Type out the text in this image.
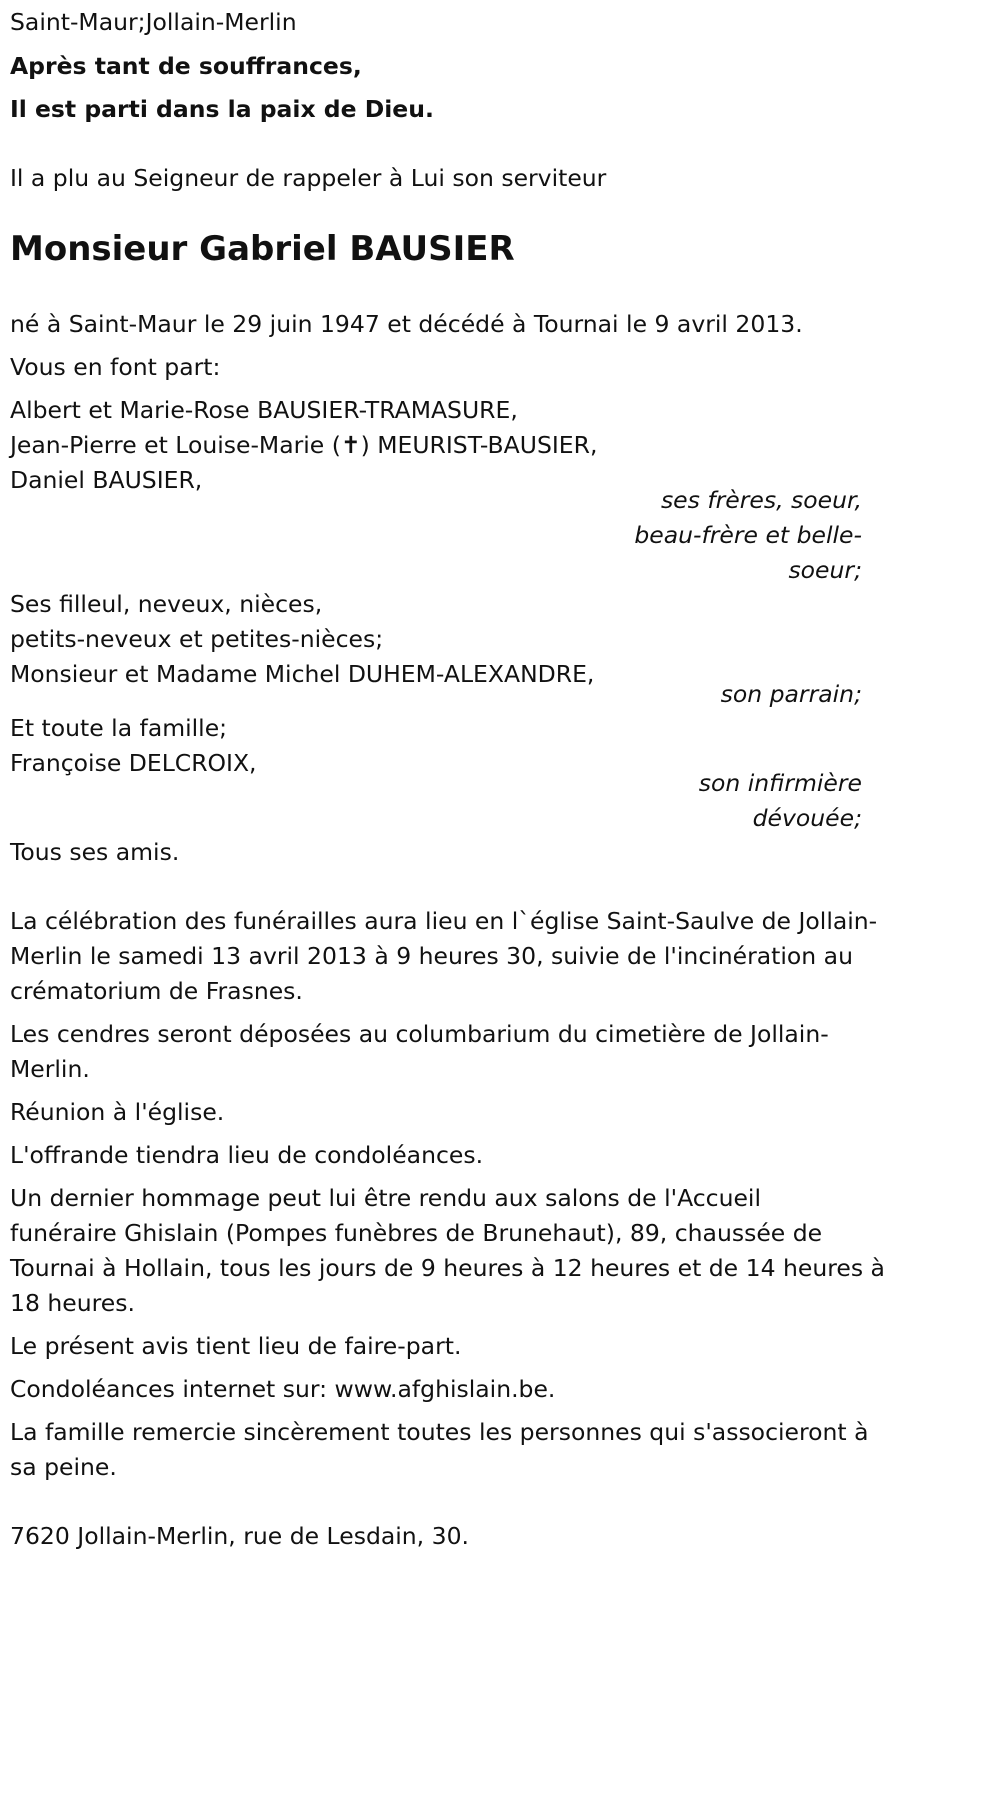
Saint-Maur;Jollain-Merlin
Après tant de souffrances,
Il est parti dans la paix de Dieu.
Il a plu au Seigneur de rappeler à Lui son serviteur
Monsieur Gabriel BAUSIER
né à Saint-Maur le 29 juin 1947 et décédé à Tournai le 9 avril 2013.
Vous en font part:
Albert et Marie-Rose BAUSIER-TRAMASURE,
Jean-Pierre et Louise-Marie (✝) MEURIST-BAUSIER,
Daniel BAUSIER,
ses frères, soeur,
beau-frère et belle-
soeur;
Ses filleul, neveux, nièces,
petits-neveux et petites-nièces;
Monsieur et Madame Michel DUHEM-ALEXANDRE,
son parrain;
Et toute la famille;
Françoise DELCROIX,
son infirmière
dévouée;
Tous ses amis.
La célébration des funérailles aura lieu en l`église Saint-Saulve de Jollain-
Merlin le samedi 13 avril 2013 à 9 heures 30, suivie de l'incinération au
crématorium de Frasnes.
Les cendres seront déposées au columbarium du cimetière de Jollain-
Merlin.
Réunion à l'église.
L'offrande tiendra lieu de condoléances.
Un dernier hommage peut lui être rendu aux salons de l'Accueil
funéraire Ghislain (Pompes funèbres de Brunehaut), 89, chaussée de
Tournai à Hollain, tous les jours de 9 heures à 12 heures et de 14 heures à
18 heures.
Le présent avis tient lieu de faire-part.
Condoléances internet sur: www.afghislain.be.
La famille remercie sincèrement toutes les personnes qui s'associeront à
sa peine.
7620 Jollain-Merlin, rue de Lesdain, 30.
